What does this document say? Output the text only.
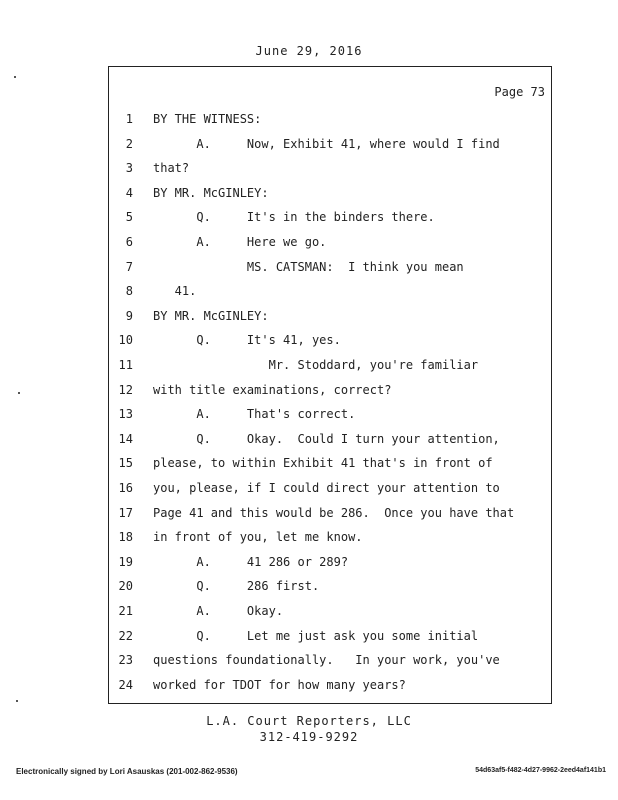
June 29, 2016
Page 73
1 BY THE WITNESS:
2 A.     Now, Exhibit 41, where would I find
3 that?
4 BY MR. McGINLEY:
5 Q.     It's in the binders there.
6 A.     Here we go.
7 MS. CATSMAN:  I think you mean
8 41.
9 BY MR. McGINLEY:
10 Q.     It's 41, yes.
11 Mr. Stoddard, you're familiar
12 with title examinations, correct?
13 A.     That's correct.
14 Q.     Okay.  Could I turn your attention,
15 please, to within Exhibit 41 that's in front of
16 you, please, if I could direct your attention to
17 Page 41 and this would be 286.  Once you have that
18 in front of you, let me know.
19 A.     41 286 or 289?
20 Q.     286 first.
21 A.     Okay.
22 Q.     Let me just ask you some initial
23 questions foundationally.   In your work, you've
24 worked for TDOT for how many years?
L.A. Court Reporters, LLC
312-419-9292
Electronically signed by Lori Asauskas (201-002-862-9536)	54d63af5-f482-4d27-9962-2eed4af141b1
